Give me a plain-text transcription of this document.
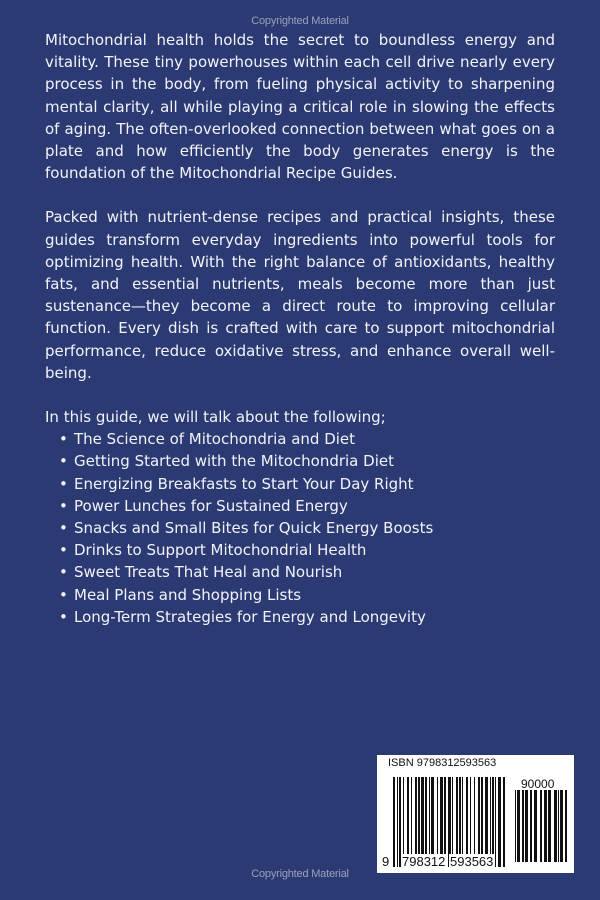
Copyrighted Material

Mitochondrial health holds the secret to boundless energy and vitality. These tiny powerhouses within each cell drive nearly every process in the body, from fueling physical activity to sharpening mental clarity, all while playing a critical role in slowing the effects of aging. The often-overlooked connection between what goes on a plate and how efficiently the body generates energy is the foundation of the Mitochondrial Recipe Guides.

Packed with nutrient-dense recipes and practical insights, these guides transform everyday ingredients into powerful tools for optimizing health. With the right balance of antioxidants, healthy fats, and essential nutrients, meals become more than just sustenance—they become a direct route to improving cellular function. Every dish is crafted with care to support mitochondrial performance, reduce oxidative stress, and enhance overall well-being.

In this guide, we will talk about the following;
• The Science of Mitochondria and Diet
• Getting Started with the Mitochondria Diet
• Energizing Breakfasts to Start Your Day Right
• Power Lunches for Sustained Energy
• Snacks and Small Bites for Quick Energy Boosts
• Drinks to Support Mitochondrial Health
• Sweet Treats That Heal and Nourish
• Meal Plans and Shopping Lists
• Long-Term Strategies for Energy and Longevity
ISBN 9798312593563
90000
9 798312 593563
Copyrighted Material
